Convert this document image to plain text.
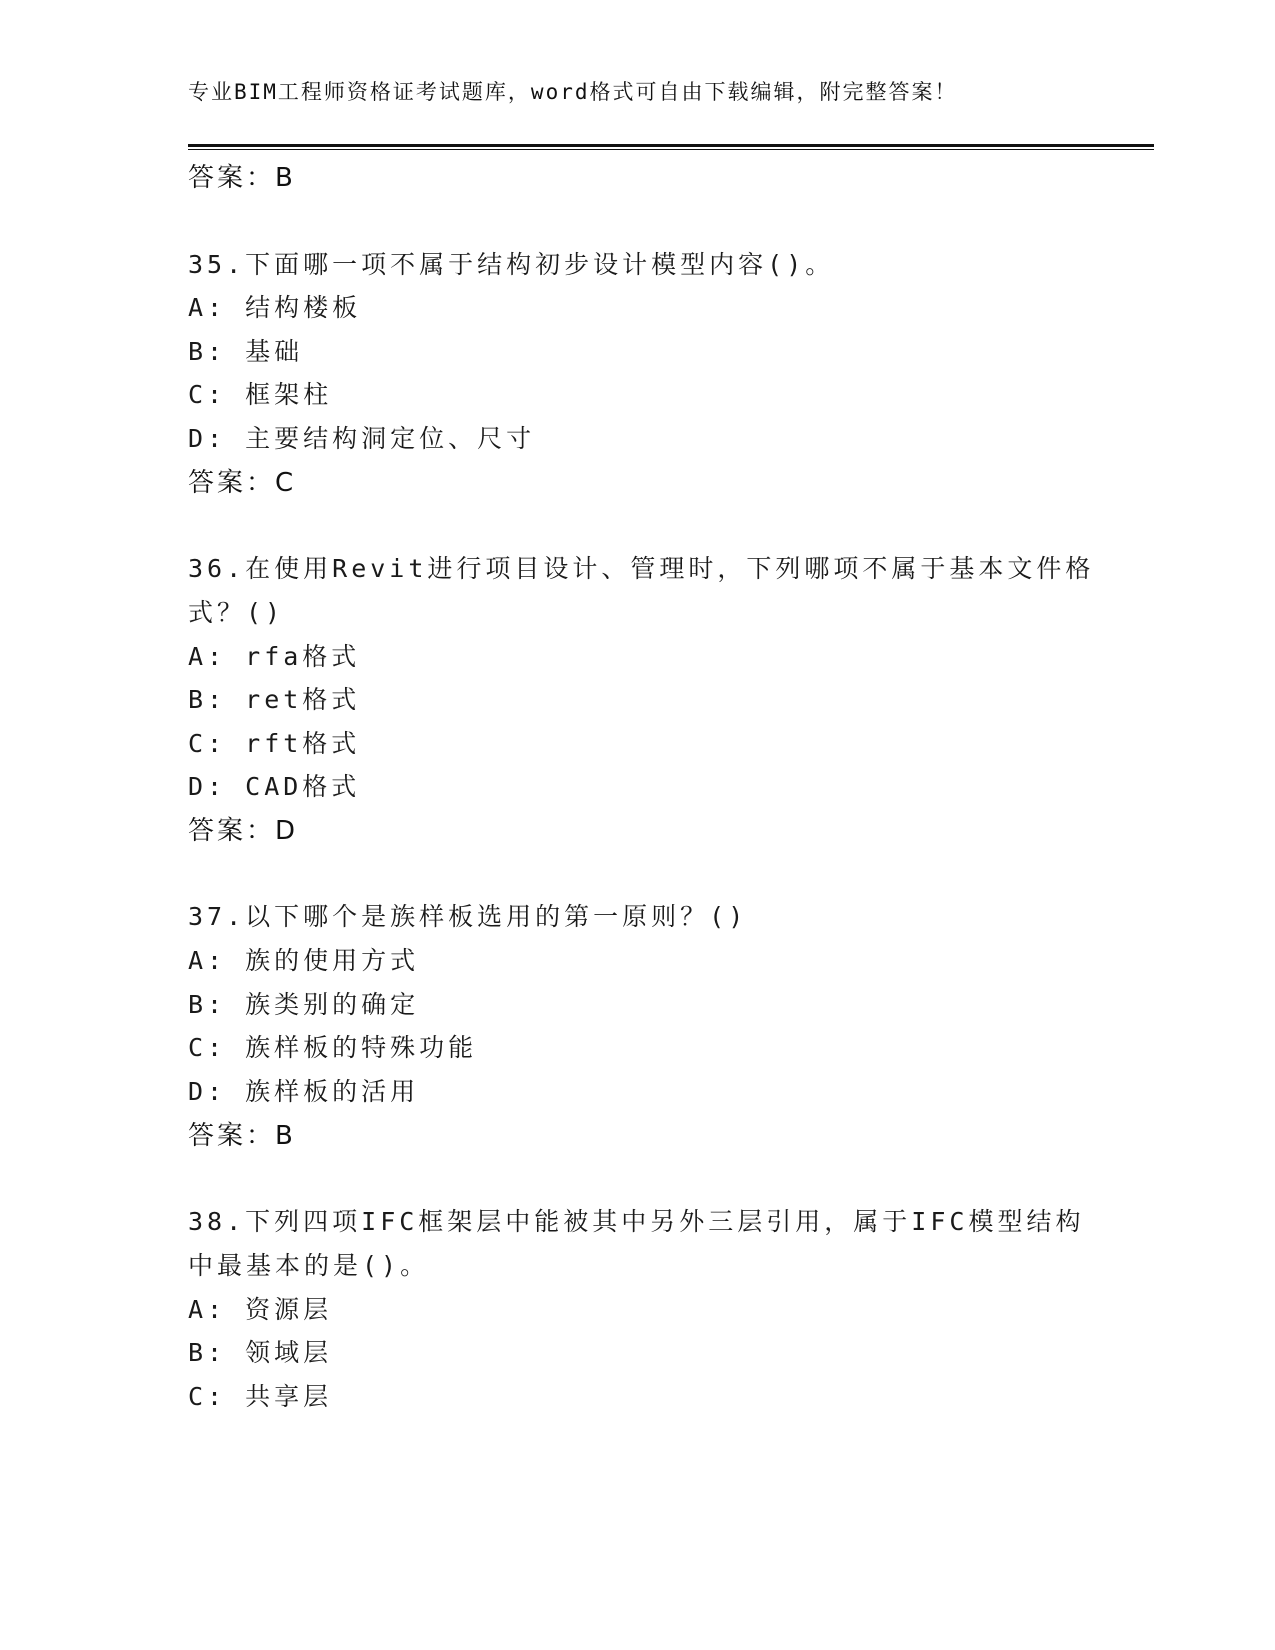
专业BIM工程师资格证考试题库，word格式可自由下载编辑，附完整答案！
答案：B
35.下面哪一项不属于结构初步设计模型内容()。
A: 结构楼板
B: 基础
C: 框架柱
D: 主要结构洞定位、尺寸
答案：C
36.在使用Revit进行项目设计、管理时，下列哪项不属于基本文件格
式？()
A: rfa格式
B: ret格式
C: rft格式
D: CAD格式
答案：D
37.以下哪个是族样板选用的第一原则？()
A: 族的使用方式
B: 族类别的确定
C: 族样板的特殊功能
D: 族样板的活用
答案：B
38.下列四项IFC框架层中能被其中另外三层引用，属于IFC模型结构
中最基本的是()。
A: 资源层
B: 领域层
C: 共享层
